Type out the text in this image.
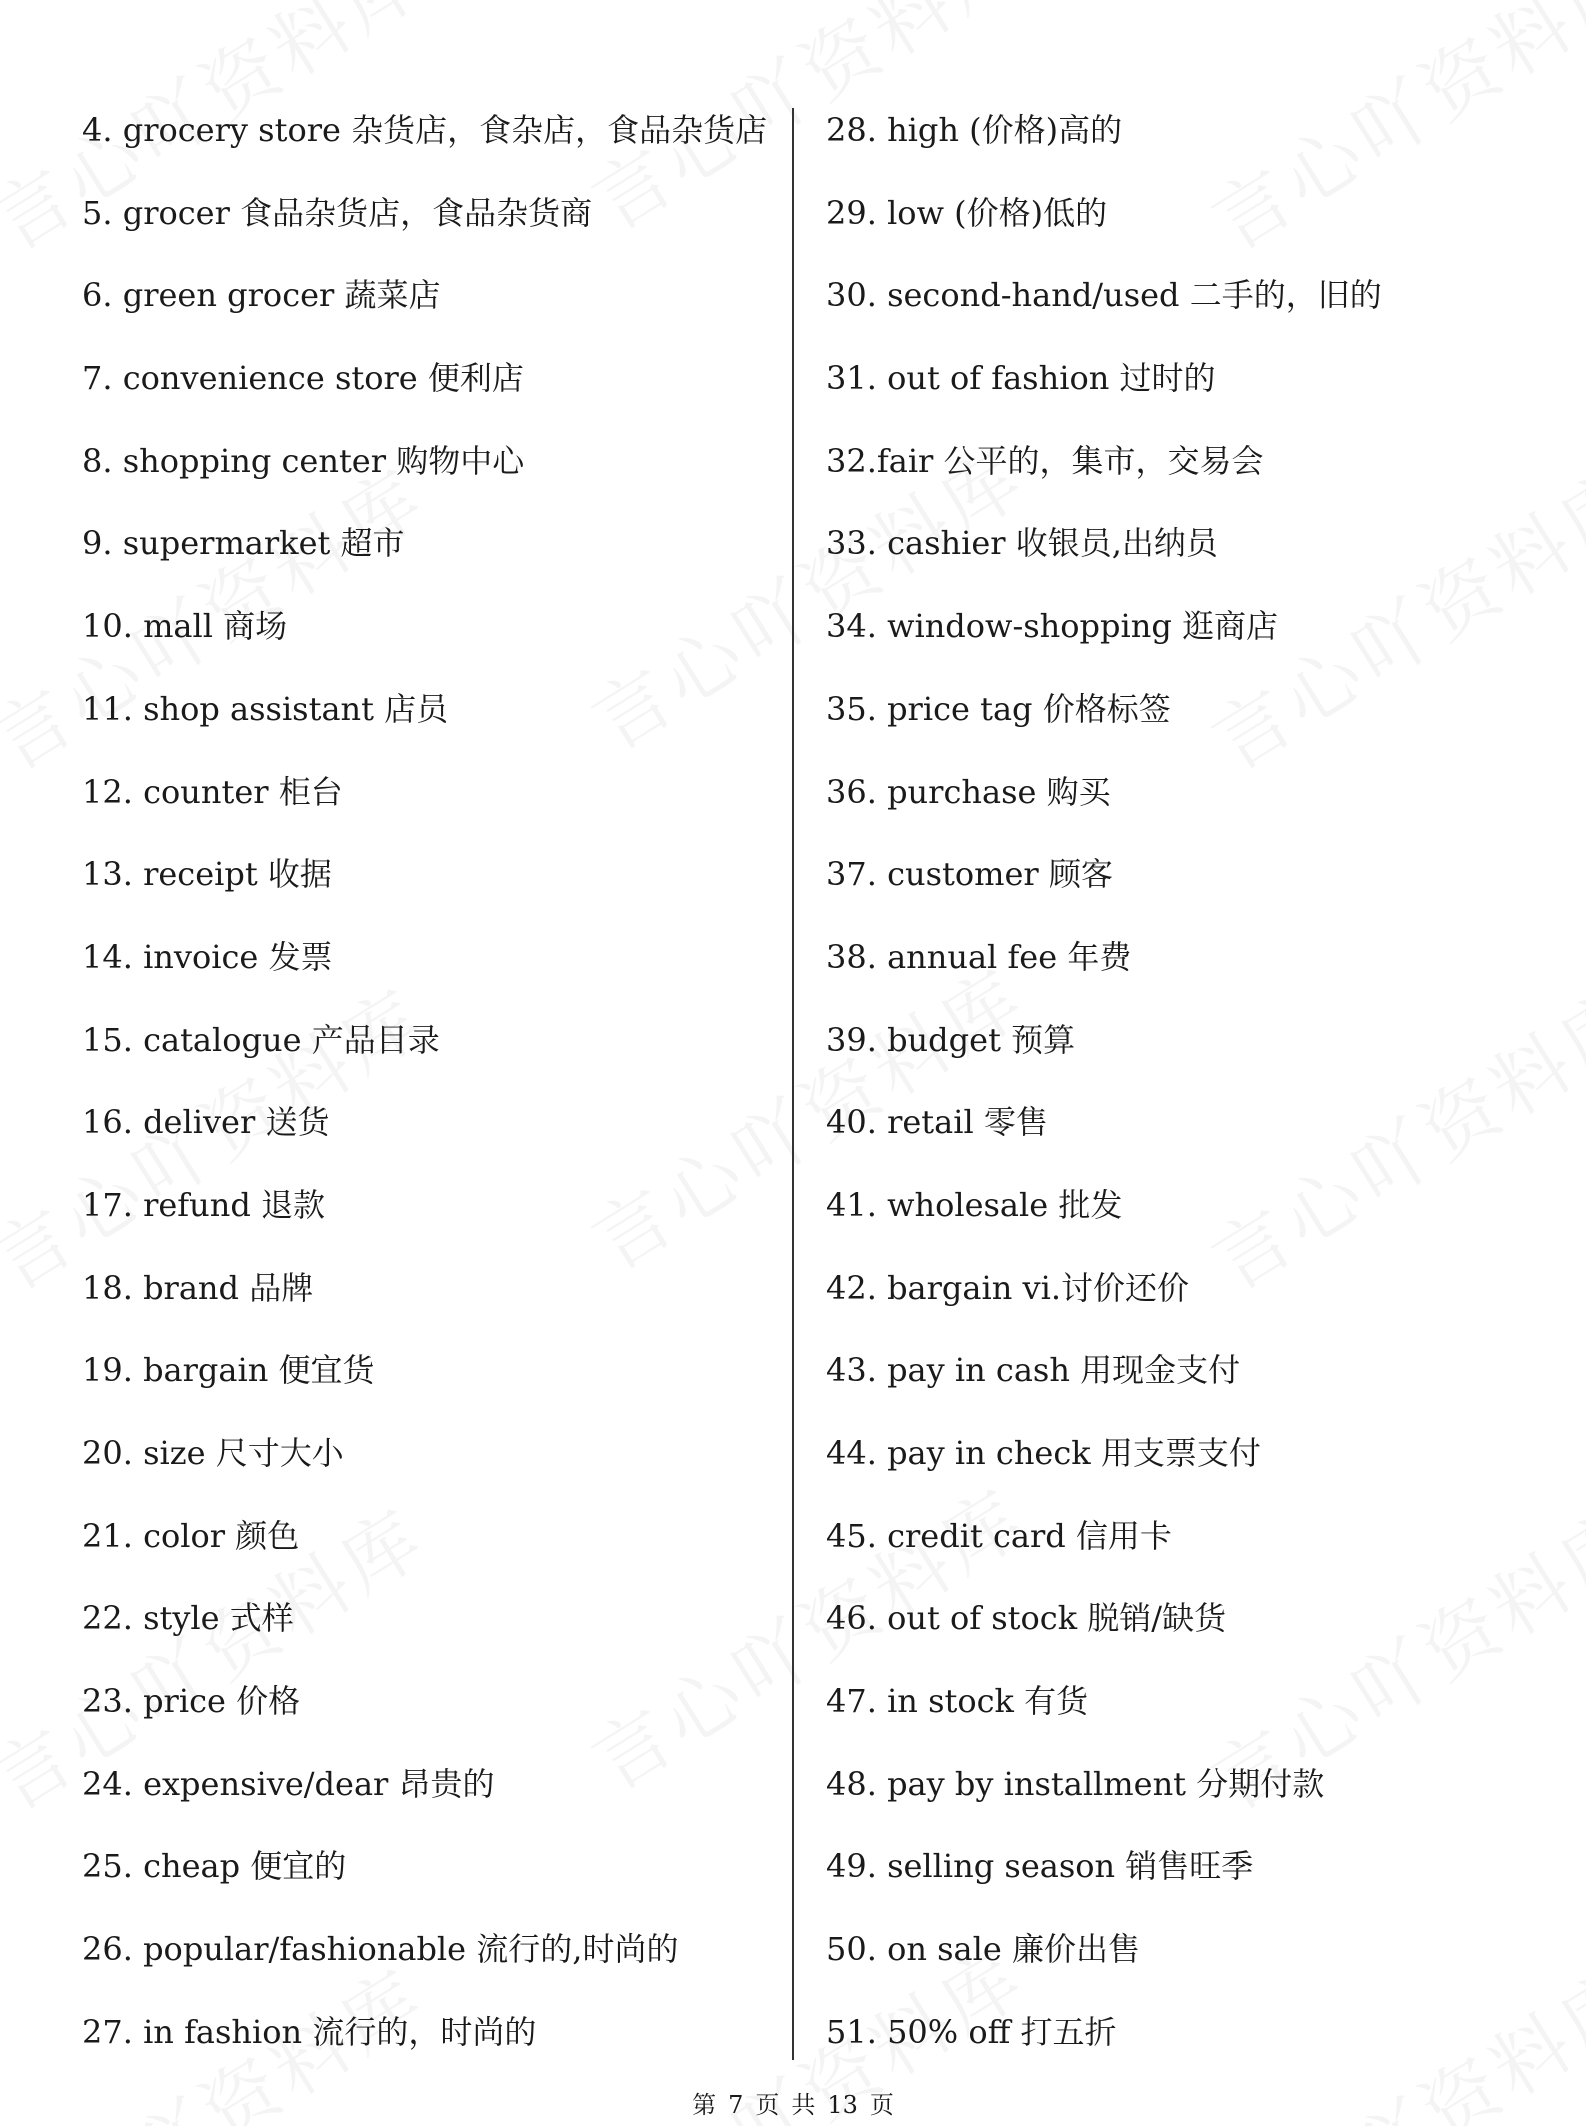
4. grocery store 杂货店，食杂店，食品杂货店
5. grocer 食品杂货店，食品杂货商
6. green grocer 蔬菜店
7. convenience store 便利店
8. shopping center 购物中心
9. supermarket 超市
10. mall 商场
11. shop assistant 店员
12. counter 柜台
13. receipt 收据
14. invoice 发票
15. catalogue 产品目录
16. deliver 送货
17. refund 退款
18. brand 品牌
19. bargain 便宜货
20. size 尺寸大小
21. color 颜色
22. style 式样
23. price 价格
24. expensive/dear 昂贵的
25. cheap 便宜的
26. popular/fashionable 流行的,时尚的
27. in fashion 流行的，时尚的
28. high (价格)高的
29. low (价格)低的
30. second-hand/used 二手的，旧的
31. out of fashion 过时的
32.fair 公平的，集市，交易会
33. cashier 收银员,出纳员
34. window-shopping 逛商店
35. price tag 价格标签
36. purchase 购买
37. customer 顾客
38. annual fee 年费
39. budget 预算
40. retail 零售
41. wholesale 批发
42. bargain vi.讨价还价
43. pay in cash 用现金支付
44. pay in check 用支票支付
45. credit card 信用卡
46. out of stock 脱销/缺货
47. in stock 有货
48. pay by installment 分期付款
49. selling season 销售旺季
50. on sale 廉价出售
51. 50% off 打五折
第 7 页 共 13 页
